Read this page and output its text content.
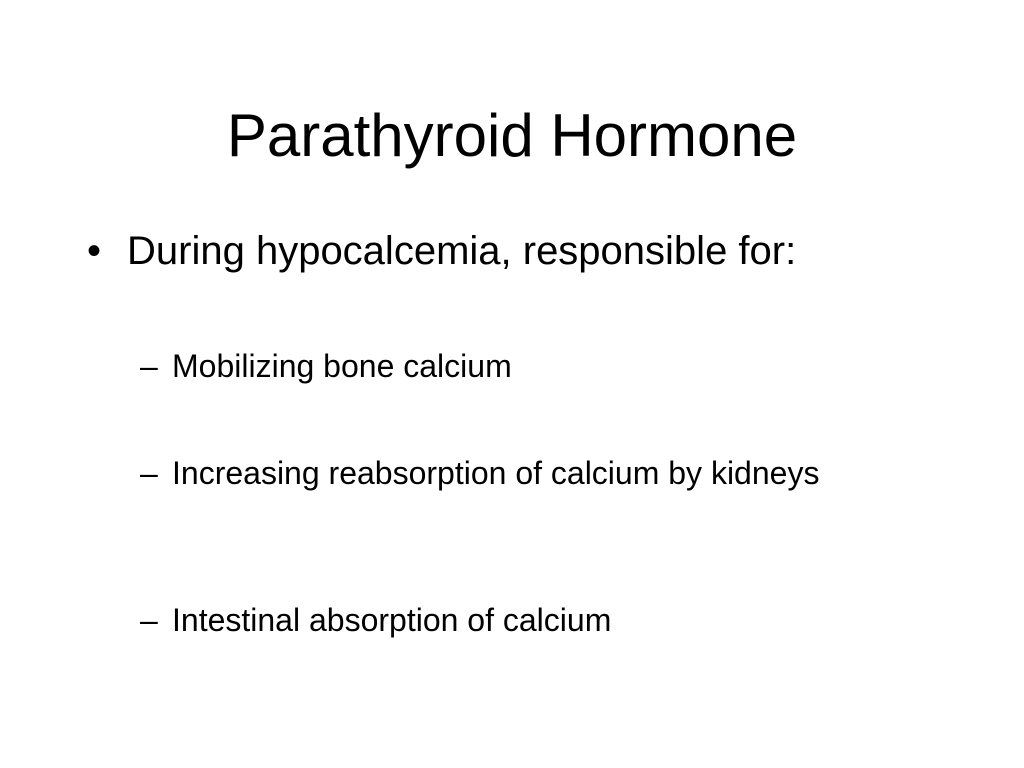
Parathyroid Hormone
• During hypocalcemia, responsible for:
– Mobilizing bone calcium
– Increasing reabsorption of calcium by kidneys
– Intestinal absorption of calcium
